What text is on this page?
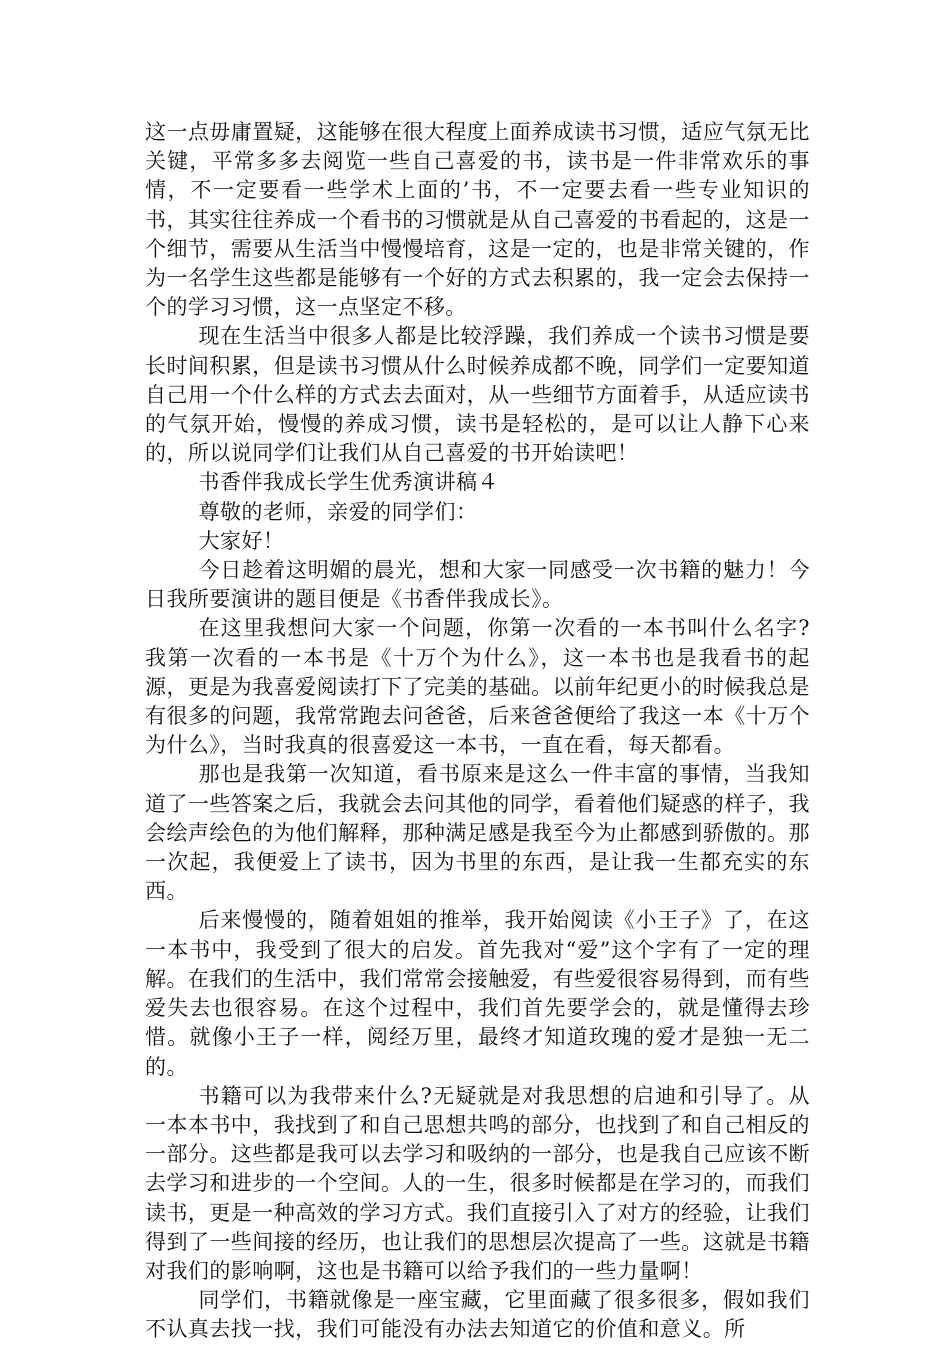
这一点毋庸置疑，这能够在很大程度上面养成读书习惯，适应气氛无比关键，平常多多去阅览一些自己喜爱的书，读书是一件非常欢乐的事情，不一定要看一些学术上面的’书，不一定要去看一些专业知识的书，其实往往养成一个看书的习惯就是从自己喜爱的书看起的，这是一个细节，需要从生活当中慢慢培育，这是一定的，也是非常关键的，作为一名学生这些都是能够有一个好的方式去积累的，我一定会去保持一个的学习习惯，这一点坚定不移。

现在生活当中很多人都是比较浮躁，我们养成一个读书习惯是要长时间积累，但是读书习惯从什么时候养成都不晚，同学们一定要知道自己用一个什么样的方式去去面对，从一些细节方面着手，从适应读书的气氛开始，慢慢的养成习惯，读书是轻松的，是可以让人静下心来的，所以说同学们让我们从自己喜爱的书开始读吧！

书香伴我成长学生优秀演讲稿４

尊敬的老师，亲爱的同学们：

大家好！

今日趁着这明媚的晨光，想和大家一同感受一次书籍的魅力！今日我所要演讲的题目便是《书香伴我成长》。

在这里我想问大家一个问题，你第一次看的一本书叫什么名字?我第一次看的一本书是《十万个为什么》，这一本书也是我看书的起源，更是为我喜爱阅读打下了完美的基础。以前年纪更小的时候我总是有很多的问题，我常常跑去问爸爸，后来爸爸便给了我这一本《十万个为什么》，当时我真的很喜爱这一本书，一直在看，每天都看。

那也是我第一次知道，看书原来是这么一件丰富的事情，当我知道了一些答案之后，我就会去问其他的同学，看着他们疑惑的样子，我会绘声绘色的为他们解释，那种满足感是我至今为止都感到骄傲的。那一次起，我便爱上了读书，因为书里的东西，是让我一生都充实的东西。

后来慢慢的，随着姐姐的推举，我开始阅读《小王子》了，在这一本书中，我受到了很大的启发。首先我对“爱”这个字有了一定的理解。在我们的生活中，我们常常会接触爱，有些爱很容易得到，而有些爱失去也很容易。在这个过程中，我们首先要学会的，就是懂得去珍惜。就像小王子一样，阅经万里，最终才知道玫瑰的爱才是独一无二的。

书籍可以为我带来什么?无疑就是对我思想的启迪和引导了。从一本本书中，我找到了和自己思想共鸣的部分，也找到了和自己相反的一部分。这些都是我可以去学习和吸纳的一部分，也是我自己应该不断去学习和进步的一个空间。人的一生，很多时候都是在学习的，而我们读书，更是一种高效的学习方式。我们直接引入了对方的经验，让我们得到了一些间接的经历，也让我们的思想层次提高了一些。这就是书籍对我们的影响啊，这也是书籍可以给予我们的一些力量啊！

同学们，书籍就像是一座宝藏，它里面藏了很多很多，假如我们不认真去找一找，我们可能没有办法去知道它的价值和意义。所
